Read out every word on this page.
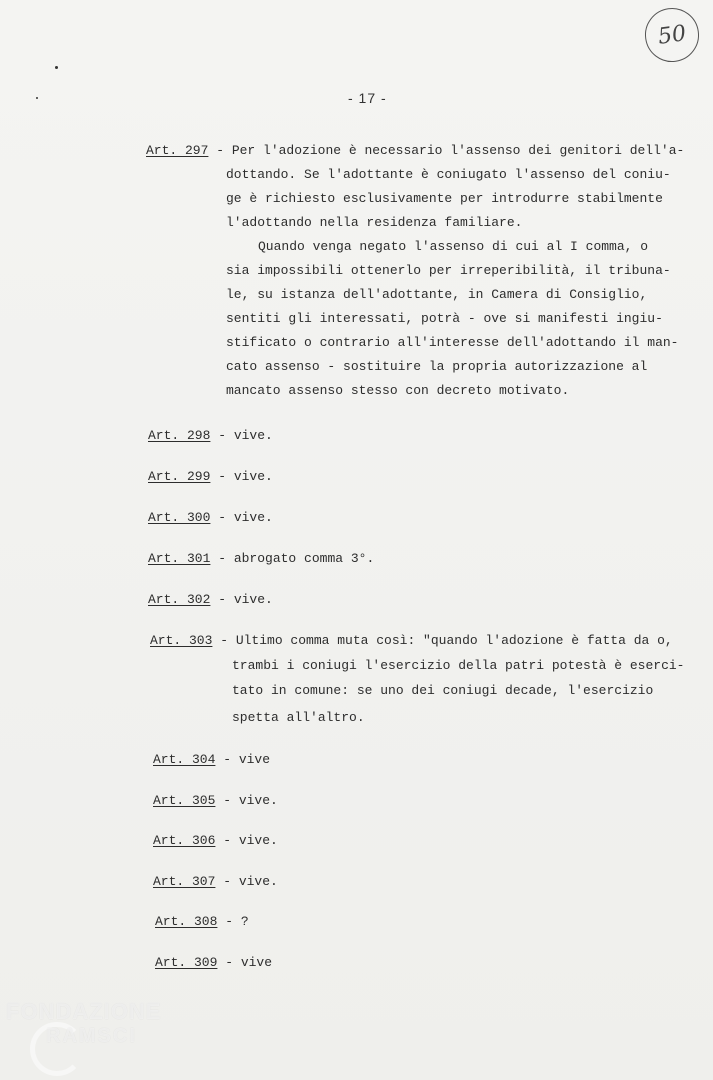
50
- 17 -
Art. 297 - Per l'adozione è necessario l'assenso dei genitori dell'a-
dottando. Se l'adottante è coniugato l'assenso del coniu-
ge è richiesto esclusivamente per introdurre stabilmente
l'adottando nella residenza familiare.
Quando venga negato l'assenso di cui al I comma, o
sia impossibili ottenerlo per irreperibilità, il tribuna-
le, su istanza dell'adottante, in Camera di Consiglio,
sentiti gli interessati, potrà - ove si manifesti ingiu-
stificato o contrario all'interesse dell'adottando il man-
cato assenso - sostituire la propria autorizzazione al
mancato assenso stesso con decreto motivato.
Art. 298 - vive.
Art. 299 - vive.
Art. 300 - vive.
Art. 301 - abrogato comma 3°.
Art. 302 - vive.
Art. 303 - Ultimo comma muta così: "quando l'adozione è fatta da o,
trambi i coniugi l'esercizio della patri potestà è eserci-
tato in comune: se uno dei coniugi decade, l'esercizio
spetta all'altro.
Art. 304 - vive
Art. 305 - vive.
Art. 306 - vive.
Art. 307 - vive.
Art. 308 - ?
Art. 309 - vive
FONDAZIONE
RAMSCI
